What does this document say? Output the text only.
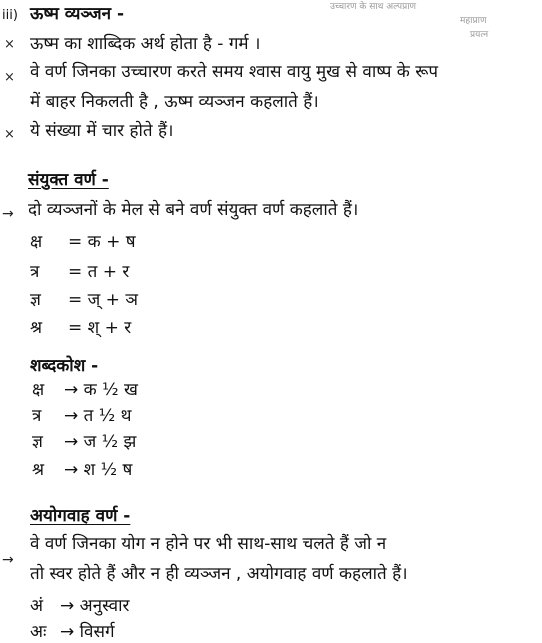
उच्चारण के साथ अल्पप्राण
महाप्राण
प्रयत्न
iii) ऊष्म व्यञ्जन -
× ऊष्म का शाब्दिक अर्थ होता है - गर्म ।
× वे वर्ण जिनका उच्चारण करते समय श्वास वायु मुख से वाष्प के रूप
में बाहर निकलती है , ऊष्म व्यञ्जन कहलाते हैं।
× ये संख्या में चार होते हैं।
संयुक्त वर्ण -
→ दो व्यञ्जनों के मेल से बने वर्ण संयुक्त वर्ण कहलाते हैं।
क्ष = क + ष
त्र = त + र
ज्ञ = ज् + ञ
श्र = श् + र
शब्दकोश -
क्ष → क ½ ख
त्र → त ½ थ
ज्ञ → ज ½ झ
श्र → श ½ ष
अयोगवाह वर्ण -
→
वे वर्ण जिनका योग न होने पर भी साथ-साथ चलते हैं जो न
तो स्वर होते हैं और न ही व्यञ्जन , अयोगवाह वर्ण कहलाते हैं।
अं → अनुस्वार
अः → विसर्ग
